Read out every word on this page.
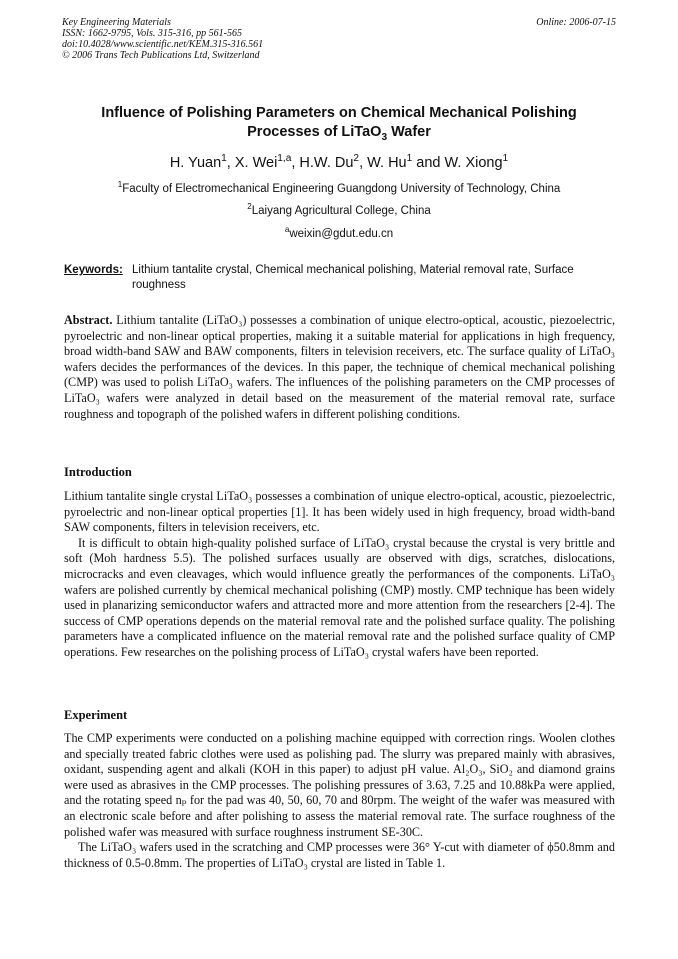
Key Engineering Materials
ISSN: 1662-9795, Vols. 315-316, pp 561-565
doi:10.4028/www.scientific.net/KEM.315-316.561
© 2006 Trans Tech Publications Ltd, Switzerland
Online: 2006-07-15
Influence of Polishing Parameters on Chemical Mechanical Polishing
Processes of LiTaO$_3$ Wafer
H. Yuan$^1$, X. Wei$^{1,a}$, H.W. Du$^2$, W. Hu$^1$ and W. Xiong$^1$
$^1$Faculty of Electromechanical Engineering Guangdong University of Technology, China
$^2$Laiyang Agricultural College, China
$^a$weixin@gdut.edu.cn
Keywords: Lithium tantalite crystal, Chemical mechanical polishing, Material removal rate, Surface roughness

Abstract. Lithium tantalite (LiTaO₃) possesses a combination of unique electro-optical, acoustic, piezoelectric, pyroelectric and non-linear optical properties, making it a suitable material for applications in high frequency, broad width-band SAW and BAW components, filters in television receivers, etc. The surface quality of LiTaO₃ wafers decides the performances of the devices. In this paper, the technique of chemical mechanical polishing (CMP) was used to polish LiTaO₃ wafers. The influences of the polishing parameters on the CMP processes of LiTaO₃ wafers were analyzed in detail based on the measurement of the material removal rate, surface roughness and topograph of the polished wafers in different polishing conditions.

Introduction

Lithium tantalite single crystal LiTaO₃ possesses a combination of unique electro-optical, acoustic, piezoelectric, pyroelectric and non-linear optical properties [1]. It has been widely used in high frequency, broad width-band SAW components, filters in television receivers, etc.

It is difficult to obtain high-quality polished surface of LiTaO₃ crystal because the crystal is very brittle and soft (Moh hardness 5.5). The polished surfaces usually are observed with digs, scratches, dislocations, microcracks and even cleavages, which would influence greatly the performances of the components. LiTaO₃ wafers are polished currently by chemical mechanical polishing (CMP) mostly. CMP technique has been widely used in planarizing semiconductor wafers and attracted more and more attention from the researchers [2-4]. The success of CMP operations depends on the material removal rate and the polished surface quality. The polishing parameters have a complicated influence on the material removal rate and the polished surface quality of CMP operations. Few researches on the polishing process of LiTaO₃ crystal wafers have been reported.

Experiment

The CMP experiments were conducted on a polishing machine equipped with correction rings. Woolen clothes and specially treated fabric clothes were used as polishing pad. The slurry was prepared mainly with abrasives, oxidant, suspending agent and alkali (KOH in this paper) to adjust pH value. Al₂O₃, SiO₂ and diamond grains were used as abrasives in the CMP processes. The polishing pressures of 3.63, 7.25 and 10.88kPa were applied, and the rotating speed nₚ for the pad was 40, 50, 60, 70 and 80rpm. The weight of the wafer was measured with an electronic scale before and after polishing to assess the material removal rate. The surface roughness of the polished wafer was measured with surface roughness instrument SE-30C.

The LiTaO₃ wafers used in the scratching and CMP processes were 36° Y-cut with diameter of ϕ50.8mm and thickness of 0.5-0.8mm. The properties of LiTaO₃ crystal are listed in Table 1.
